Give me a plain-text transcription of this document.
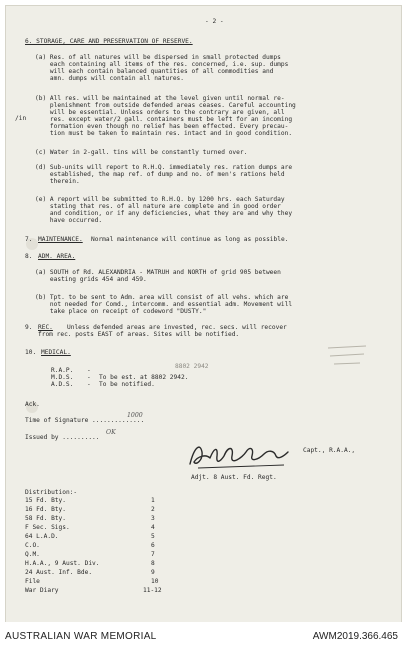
- 2 -
6. STORAGE, CARE AND PRESERVATION OF RESERVE.
(a) Res. of all natures will be dispersed in small protected dumps
each containing all items of the res. concerned, i.e. sup. dumps
will each contain balanced quantities of all commodities and
amn. dumps will contain all natures.
/in
(b) All res. will be maintained at the level given until normal re-
plenishment from outside defended areas ceases. Careful accounting
will be essential. Unless orders to the contrary are given, all
res. except water/2 gall. containers must be left for an incoming
formation even though no relief has been effected. Every precau-
tion must be taken to maintain res. intact and in good condition.
(c) Water in 2-gall. tins will be constantly turned over.
(d) Sub-units will report to R.H.Q. immediately res. ration dumps are
established, the map ref. of dump and no. of men's rations held
therein.
(e) A report will be submitted to R.H.Q. by 1200 hrs. each Saturday
stating that res. of all nature are complete and in good order
and condition, or if any deficiencies, what they are and why they
have occurred.
7. MAINTENANCE. Normal maintenance will continue as long as possible.
8. ADM. AREA.
(a) SOUTH of Rd. ALEXANDRIA - MATRUH and NORTH of grid 905 between
easting grids 454 and 459.
(b) Tpt. to be sent to Adm. area will consist of all vehs. which are
not needed for Comd., intercomm. and essential adm. Movement will
take place on receipt of codeword "DUSTY."
9. REC. Unless defended areas are invested, rec. secs. will recover
from rec. posts EAST of areas. Sites will be notified.
10. MEDICAL.
R.A.P. -
8802 2942
M.D.S. - To be est. at 8802 2942.
A.D.S. - To be notified.
Ack.
Time of Signature ..............
1000
Issued by ..........
OK
Capt., R.A.A.,
Adjt. 8 Aust. Fd. Regt.
Distribution:-
15 Fd. Bty.	1
16 Fd. Bty.	2
58 Fd. Bty.	3
F Sec. Sigs.	4
64 L.A.D.	5
C.O.	6
Q.M.	7
H.A.A., 9 Aust. Div.	8
24 Aust. Inf. Bde.	9
File	10
War Diary	11-12
AUSTRALIAN WAR MEMORIAL	AWM2019.366.465
